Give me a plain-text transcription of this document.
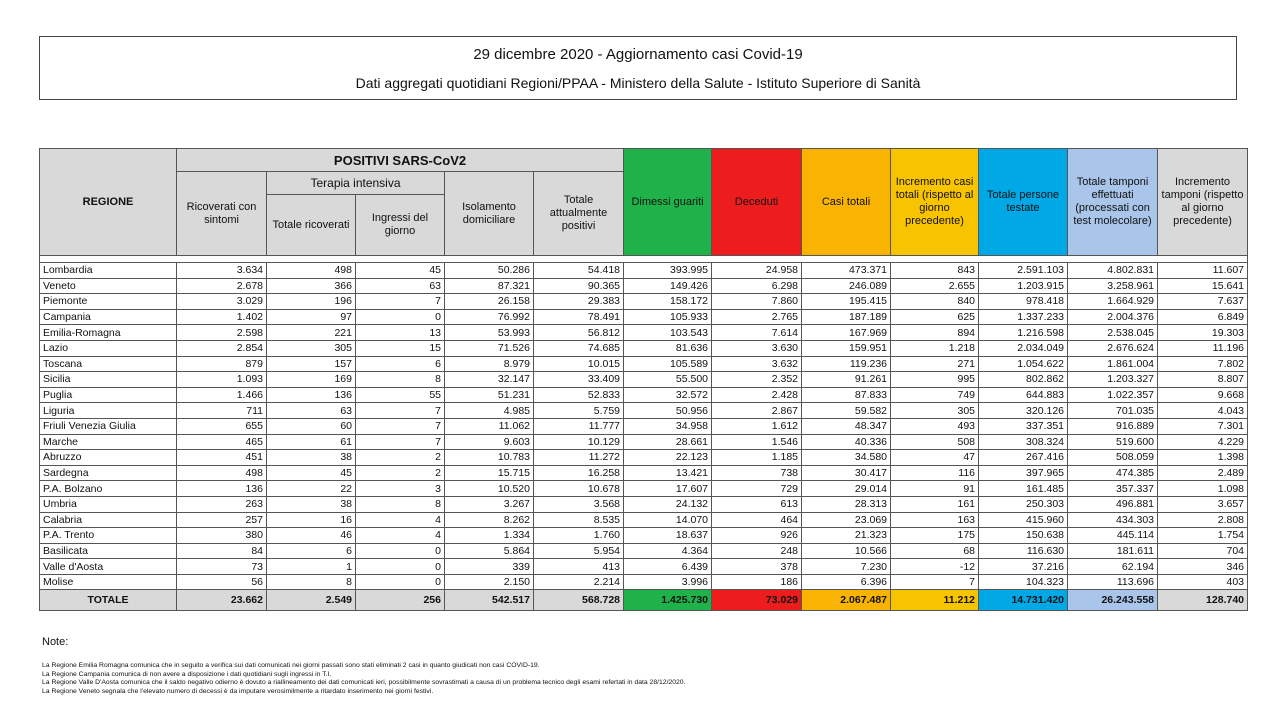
29 dicembre 2020 - Aggiornamento casi Covid-19
Dati aggregati quotidiani Regioni/PPAA - Ministero della Salute - Istituto Superiore di Sanità
REGIONE	POSITIVI SARS-CoV2					Dimessi guariti	Deceduti	Casi totali	Incremento casi totali (rispetto al giorno precedente)	Totale persone testate	Totale tamponi effettuati (processati con test molecolare)	Incremento tamponi (rispetto al giorno precedente)
	Ricoverati con sintomi	Terapia intensiva		Isolamento domiciliare	Totale attualmente positivi							
		Totale ricoverati	Ingressi del giorno									

Lombardia	3.634	498	45	50.286	54.418	393.995	24.958	473.371	843	2.591.103	4.802.831	11.607
Veneto	2.678	366	63	87.321	90.365	149.426	6.298	246.089	2.655	1.203.915	3.258.961	15.641
Piemonte	3.029	196	7	26.158	29.383	158.172	7.860	195.415	840	978.418	1.664.929	7.637
Campania	1.402	97	0	76.992	78.491	105.933	2.765	187.189	625	1.337.233	2.004.376	6.849
Emilia-Romagna	2.598	221	13	53.993	56.812	103.543	7.614	167.969	894	1.216.598	2.538.045	19.303
Lazio	2.854	305	15	71.526	74.685	81.636	3.630	159.951	1.218	2.034.049	2.676.624	11.196
Toscana	879	157	6	8.979	10.015	105.589	3.632	119.236	271	1.054.622	1.861.004	7.802
Sicilia	1.093	169	8	32.147	33.409	55.500	2.352	91.261	995	802.862	1.203.327	8.807
Puglia	1.466	136	55	51.231	52.833	32.572	2.428	87.833	749	644.883	1.022.357	9.668
Liguria	711	63	7	4.985	5.759	50.956	2.867	59.582	305	320.126	701.035	4.043
Friuli Venezia Giulia	655	60	7	11.062	11.777	34.958	1.612	48.347	493	337.351	916.889	7.301
Marche	465	61	7	9.603	10.129	28.661	1.546	40.336	508	308.324	519.600	4.229
Abruzzo	451	38	2	10.783	11.272	22.123	1.185	34.580	47	267.416	508.059	1.398
Sardegna	498	45	2	15.715	16.258	13.421	738	30.417	116	397.965	474.385	2.489
P.A. Bolzano	136	22	3	10.520	10.678	17.607	729	29.014	91	161.485	357.337	1.098
Umbria	263	38	8	3.267	3.568	24.132	613	28.313	161	250.303	496.881	3.657
Calabria	257	16	4	8.262	8.535	14.070	464	23.069	163	415.960	434.303	2.808
P.A. Trento	380	46	4	1.334	1.760	18.637	926	21.323	175	150.638	445.114	1.754
Basilicata	84	6	0	5.864	5.954	4.364	248	10.566	68	116.630	181.611	704
Valle d'Aosta	73	1	0	339	413	6.439	378	7.230	-12	37.216	62.194	346
Molise	56	8	0	2.150	2.214	3.996	186	6.396	7	104.323	113.696	403
TOTALE	23.662	2.549	256	542.517	568.728	1.425.730	73.029	2.067.487	11.212	14.731.420	26.243.558	128.740
Note:
La Regione Emilia Romagna comunica che in seguito a verifica sui dati comunicati nei giorni passati sono stati eliminati 2 casi in quanto giudicati non casi COVID-19.
La Regione Campania comunica di non avere a disposizione i dati quotidiani sugli ingressi in T.I.
La Regione Valle D'Aosta comunica che il saldo negativo odierno è dovuto a riallineamento dei dati comunicati ieri, possibilmente sovrastimati a causa di un problema tecnico degli esami refertati in data 28/12/2020.
La Regione Veneto segnala che l'elevato numero di decessi è da imputare verosimilmente a ritardato inserimento nei giorni festivi.
